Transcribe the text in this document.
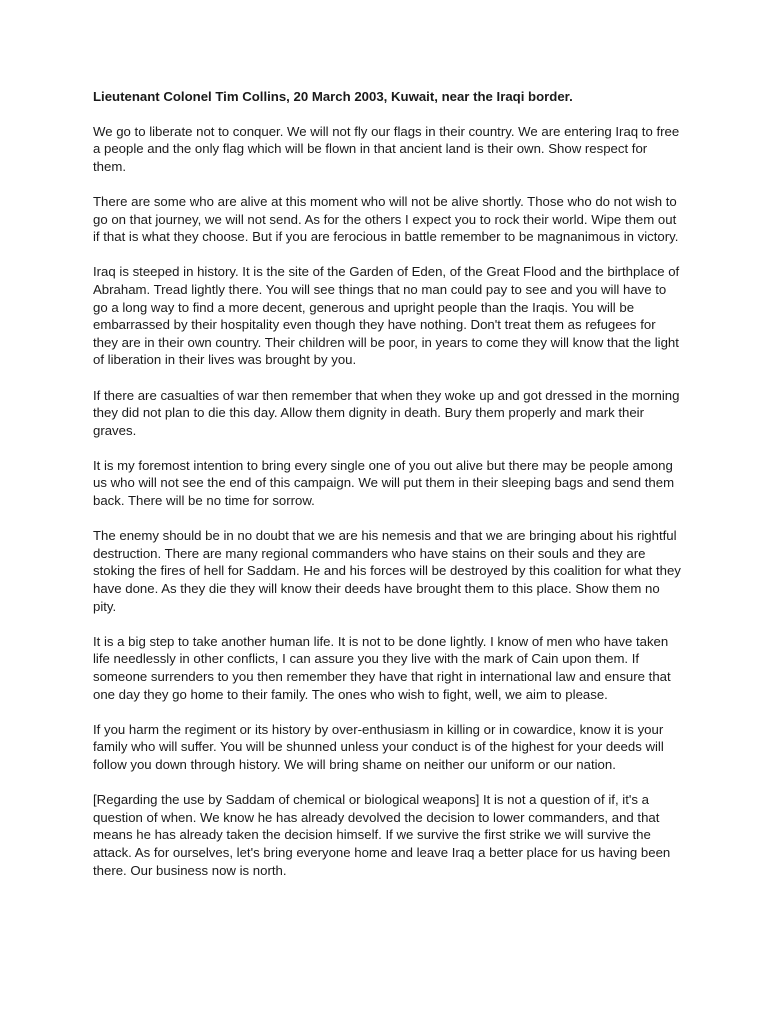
Lieutenant Colonel Tim Collins, 20 March 2003, Kuwait, near the Iraqi border.

We go to liberate not to conquer. We will not fly our flags in their country. We are entering Iraq to free a people and the only flag which will be flown in that ancient land is their own. Show respect for them.

There are some who are alive at this moment who will not be alive shortly. Those who do not wish to go on that journey, we will not send. As for the others I expect you to rock their world. Wipe them out if that is what they choose. But if you are ferocious in battle remember to be magnanimous in victory.

Iraq is steeped in history. It is the site of the Garden of Eden, of the Great Flood and the birthplace of Abraham. Tread lightly there. You will see things that no man could pay to see and you will have to go a long way to find a more decent, generous and upright people than the Iraqis. You will be embarrassed by their hospitality even though they have nothing. Don't treat them as refugees for they are in their own country. Their children will be poor, in years to come they will know that the light of liberation in their lives was brought by you.

If there are casualties of war then remember that when they woke up and got dressed in the morning they did not plan to die this day. Allow them dignity in death. Bury them properly and mark their graves.

It is my foremost intention to bring every single one of you out alive but there may be people among us who will not see the end of this campaign. We will put them in their sleeping bags and send them back. There will be no time for sorrow.

The enemy should be in no doubt that we are his nemesis and that we are bringing about his rightful destruction. There are many regional commanders who have stains on their souls and they are stoking the fires of hell for Saddam. He and his forces will be destroyed by this coalition for what they have done. As they die they will know their deeds have brought them to this place. Show them no pity.

It is a big step to take another human life. It is not to be done lightly. I know of men who have taken life needlessly in other conflicts, I can assure you they live with the mark of Cain upon them. If someone surrenders to you then remember they have that right in international law and ensure that one day they go home to their family. The ones who wish to fight, well, we aim to please.

If you harm the regiment or its history by over-enthusiasm in killing or in cowardice, know it is your family who will suffer. You will be shunned unless your conduct is of the highest for your deeds will follow you down through history. We will bring shame on neither our uniform or our nation.

[Regarding the use by Saddam of chemical or biological weapons] It is not a question of if, it's a question of when. We know he has already devolved the decision to lower commanders, and that means he has already taken the decision himself. If we survive the first strike we will survive the attack. As for ourselves, let's bring everyone home and leave Iraq a better place for us having been there. Our business now is north.
